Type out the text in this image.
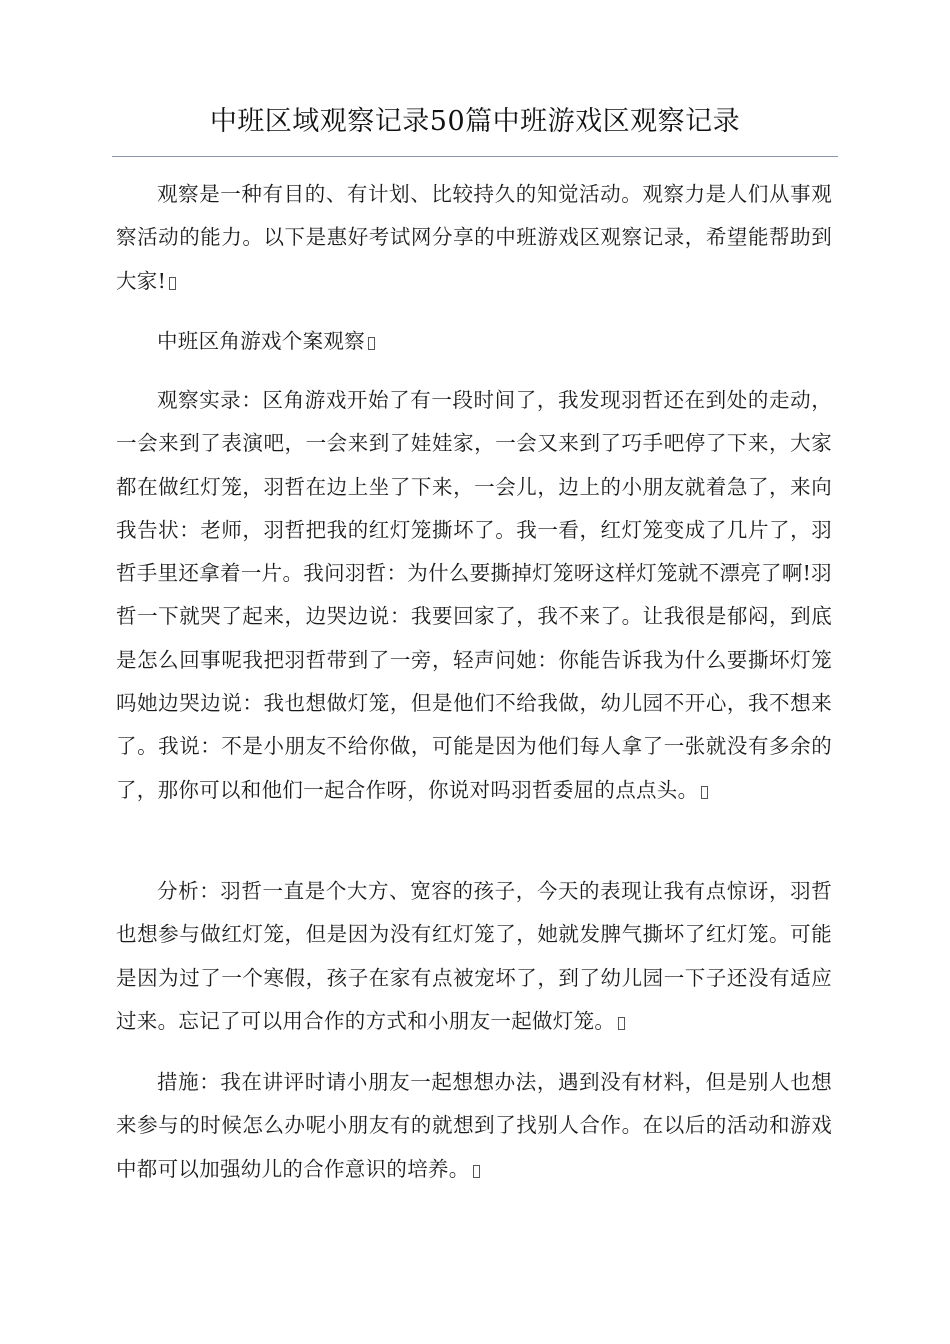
中班区域观察记录50篇中班游戏区观察记录

观察是一种有目的、有计划、比较持久的知觉活动。观察力是人们从事观察活动的能力。以下是惠好考试网分享的中班游戏区观察记录，希望能帮助到大家!

中班区角游戏个案观察

观察实录：区角游戏开始了有一段时间了，我发现羽哲还在到处的走动，一会来到了表演吧，一会来到了娃娃家，一会又来到了巧手吧停了下来，大家都在做红灯笼，羽哲在边上坐了下来，一会儿，边上的小朋友就着急了，来向我告状：老师，羽哲把我的红灯笼撕坏了。我一看，红灯笼变成了几片了，羽哲手里还拿着一片。我问羽哲：为什么要撕掉灯笼呀这样灯笼就不漂亮了啊!羽哲一下就哭了起来，边哭边说：我要回家了，我不来了。让我很是郁闷，到底是怎么回事呢我把羽哲带到了一旁，轻声问她：你能告诉我为什么要撕坏灯笼吗她边哭边说：我也想做灯笼，但是他们不给我做，幼儿园不开心，我不想来了。我说：不是小朋友不给你做，可能是因为他们每人拿了一张就没有多余的了，那你可以和他们一起合作呀，你说对吗羽哲委屈的点点头。

分析：羽哲一直是个大方、宽容的孩子，今天的表现让我有点惊讶，羽哲也想参与做红灯笼，但是因为没有红灯笼了，她就发脾气撕坏了红灯笼。可能是因为过了一个寒假，孩子在家有点被宠坏了，到了幼儿园一下子还没有适应过来。忘记了可以用合作的方式和小朋友一起做灯笼。

措施：我在讲评时请小朋友一起想想办法，遇到没有材料，但是别人也想来参与的时候怎么办呢小朋友有的就想到了找别人合作。在以后的活动和游戏中都可以加强幼儿的合作意识的培养。
